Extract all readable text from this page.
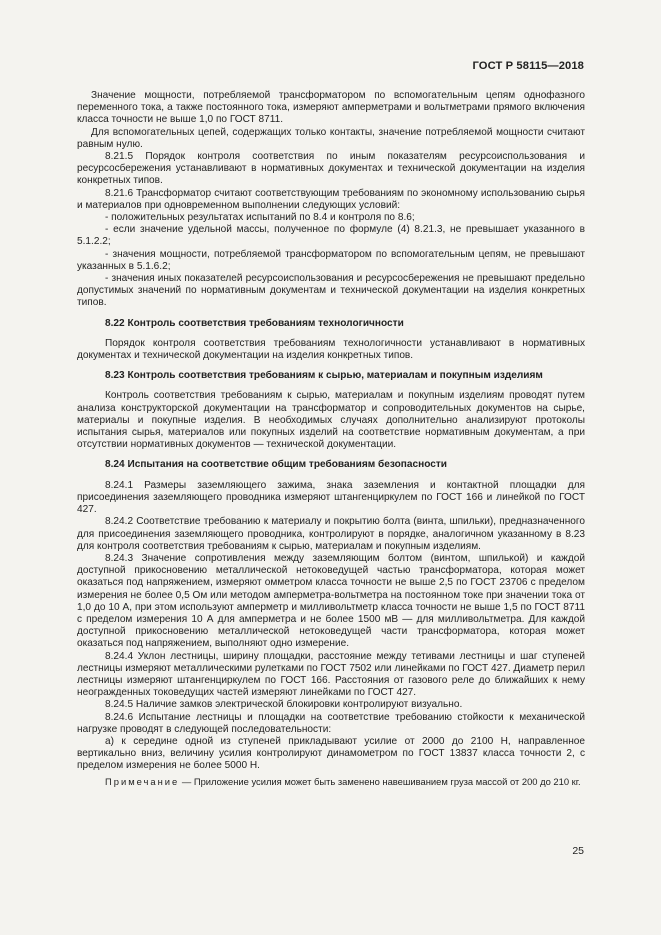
ГОСТ Р 58115—2018

Значение мощности, потребляемой трансформатором по вспомогательным цепям однофазного переменного тока, а также постоянного тока, измеряют амперметрами и вольтметрами прямого включения класса точности не выше 1,0 по ГОСТ 8711.

Для вспомогательных цепей, содержащих только контакты, значение потребляемой мощности считают равным нулю.

8.21.5 Порядок контроля соответствия по иным показателям ресурсоиспользования и ресурсосбережения устанавливают в нормативных документах и технической документации на изделия конкретных типов.

8.21.6 Трансформатор считают соответствующим требованиям по экономному использованию сырья и материалов при одновременном выполнении следующих условий:

- положительных результатах испытаний по 8.4 и контроля по 8.6;

- если значение удельной массы, полученное по формуле (4) 8.21.3, не превышает указанного в 5.1.2.2;

- значения мощности, потребляемой трансформатором по вспомогательным цепям, не превышают указанных в 5.1.6.2;

- значения иных показателей ресурсоиспользования и ресурсосбережения не превышают предельно допустимых значений по нормативным документам и технической документации на изделия конкретных типов.

8.22 Контроль соответствия требованиям технологичности

Порядок контроля соответствия требованиям технологичности устанавливают в нормативных документах и технической документации на изделия конкретных типов.

8.23 Контроль соответствия требованиям к сырью, материалам и покупным изделиям

Контроль соответствия требованиям к сырью, материалам и покупным изделиям проводят путем анализа конструкторской документации на трансформатор и сопроводительных документов на сырье, материалы и покупные изделия. В необходимых случаях дополнительно анализируют протоколы испытания сырья, материалов или покупных изделий на соответствие нормативным документам, а при отсутствии нормативных документов — технической документации.

8.24 Испытания на соответствие общим требованиям безопасности

8.24.1 Размеры заземляющего зажима, знака заземления и контактной площадки для присоединения заземляющего проводника измеряют штангенциркулем по ГОСТ 166 и линейкой по ГОСТ 427.

8.24.2 Соответствие требованию к материалу и покрытию болта (винта, шпильки), предназначенного для присоединения заземляющего проводника, контролируют в порядке, аналогичном указанному в 8.23 для контроля соответствия требованиям к сырью, материалам и покупным изделиям.

8.24.3 Значение сопротивления между заземляющим болтом (винтом, шпилькой) и каждой доступной прикосновению металлической нетоковедущей частью трансформатора, которая может оказаться под напряжением, измеряют омметром класса точности не выше 2,5 по ГОСТ 23706 с пределом измерения не более 0,5 Ом или методом амперметра-вольтметра на постоянном токе при значении тока от 1,0 до 10 А, при этом используют амперметр и милливольтметр класса точности не выше 1,5 по ГОСТ 8711 с пределом измерения 10 А для амперметра и не более 1500 мВ — для милливольтметра. Для каждой доступной прикосновению металлической нетоковедущей части трансформатора, которая может оказаться под напряжением, выполняют одно измерение.

8.24.4 Уклон лестницы, ширину площадки, расстояние между тетивами лестницы и шаг ступеней лестницы измеряют металлическими рулетками по ГОСТ 7502 или линейками по ГОСТ 427. Диаметр перил лестницы измеряют штангенциркулем по ГОСТ 166. Расстояния от газового реле до ближайших к нему неогражденных токоведущих частей измеряют линейками по ГОСТ 427.

8.24.5 Наличие замков электрической блокировки контролируют визуально.

8.24.6 Испытание лестницы и площадки на соответствие требованию стойкости к механической нагрузке проводят в следующей последовательности:

а) к середине одной из ступеней прикладывают усилие от 2000 до 2100 Н, направленное вертикально вниз, величину усилия контролируют динамометром по ГОСТ 13837 класса точности 2, с пределом измерения не более 5000 Н.

Примечание — Приложение усилия может быть заменено навешиванием груза массой от 200 до 210 кг.

25
